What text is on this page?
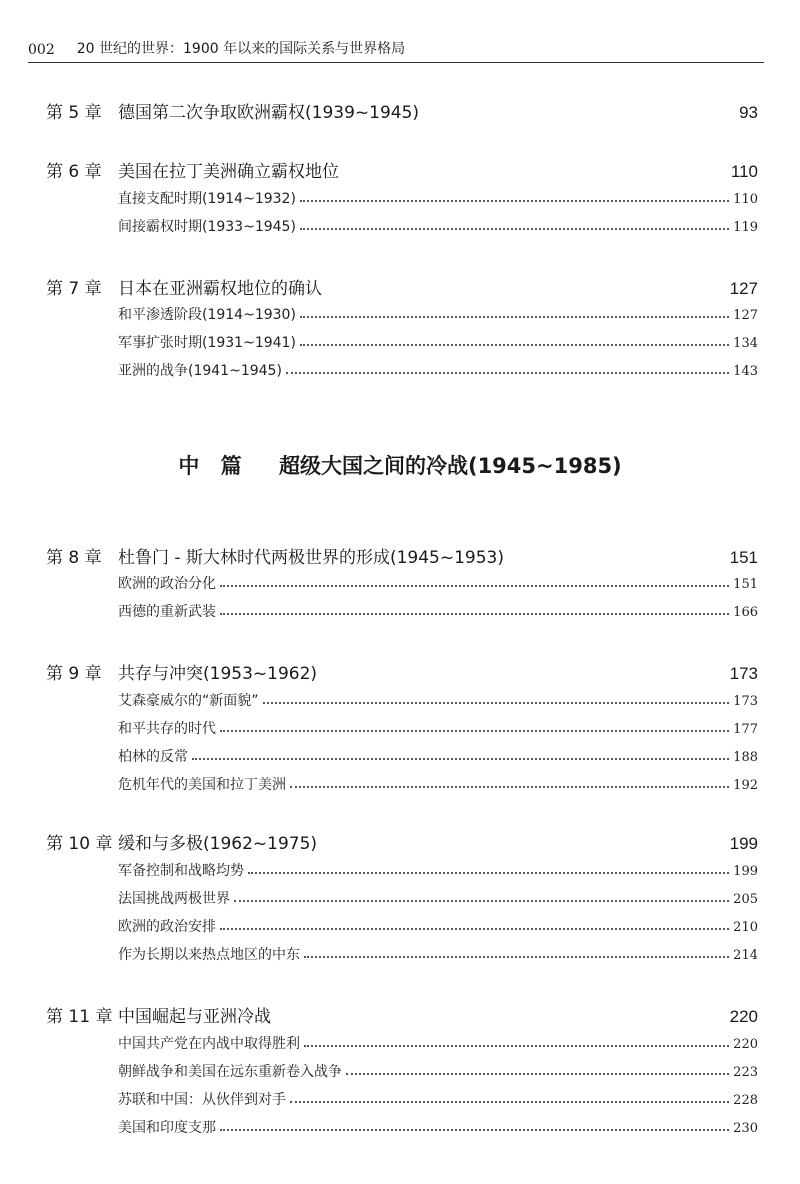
002 20 世纪的世界：1900 年以来的国际关系与世界格局
第 5 章 德国第二次争取欧洲霸权(1939~1945)	93
第 6 章 美国在拉丁美洲确立霸权地位	110
直接支配时期(1914~1932)	110
间接霸权时期(1933~1945)	119
第 7 章 日本在亚洲霸权地位的确认	127
和平渗透阶段(1914~1930)	127
军事扩张时期(1931~1941)	134
亚洲的战争(1941~1945)	143
中 篇 超级大国之间的冷战(1945~1985)
第 8 章 杜鲁门 - 斯大林时代两极世界的形成(1945~1953)	151
欧洲的政治分化	151
西德的重新武装	166
第 9 章 共存与冲突(1953~1962)	173
艾森豪威尔的“新面貌”	173
和平共存的时代	177
柏林的反常	188
危机年代的美国和拉丁美洲	192
第 10 章 缓和与多极(1962~1975)	199
军备控制和战略均势	199
法国挑战两极世界	205
欧洲的政治安排	210
作为长期以来热点地区的中东	214
第 11 章 中国崛起与亚洲冷战	220
中国共产党在内战中取得胜利	220
朝鲜战争和美国在远东重新卷入战争	223
苏联和中国：从伙伴到对手	228
美国和印度支那	230
